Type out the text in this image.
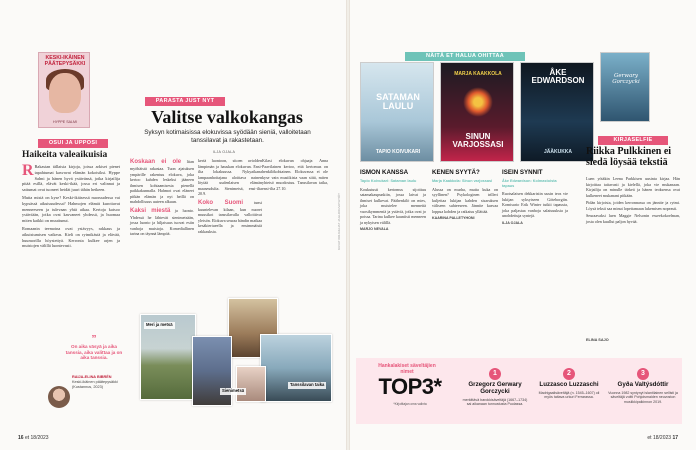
KESKI-IKÄINEN PÄÄTEPYSÄKKI
HYPPE SALMI
OSUI JA UPPOSI
Haikeita valeaikuisia

R Rakastan tällaisia kirjoja, joissa arkiset pienet tapahtumat kasvavat elämän kokoisiksi. Hyppe Salmi ja hänen hyvä ystävänsä, jotka kirjailija pitää esillä, elävät keski-ikää, jossa eri valinnat ja sattumat ovat tuoneet heidät juuri tähän hetkeen.

Mutta mistä on kyse? Keski-ikäisessä nuoruudessa vai kypsässä aikuisuudessa? Hahmojen elämät kurottavat menneeseen ja tulevaan yhtä aikaa. Kertoja katsoo ystäviään, jotka ovat kasvaneet yhdessä, ja huomaa miten kaikki on muuttunut.

Romaanin teemoina ovat ystävyys, rakkaus ja aikuistumisen vaikeus. Kieli on rytmikästä ja elävää, huumorilla höystettyä. Kerronta kulkee arjen ja muistojen välillä luontevasti.

”
On aika väsyä ja aika tanssia, aika valittaa ja on aika tanssia.
RAIJA-ELINA BIBRÉN
Keski-ikäinen päätepysäkki (Kustannus, 2023)
PARASTA JUST NYT
Valitse valkokangas
Syksyn kotimaisissa elokuvissa syödään sieniä, valloitetaan tanssilavat ja rakastetaan.
ILJA OJALA

Koskaan ei ole liian myöhäistä rakastaa. Tuon ajatuksen ympärille rakentuu elokuva, joka kertoo kahden leskeksi jääneen ihmisen kohtaamisesta pienellä paikkakunnalla. Hahmot ovat eläneet pitkän elämän ja nyt heillä on mahdollisuus uuteen alkuun.

Kaksi miestä ja luonto. Yhdessä he lähtevät sienimetsään, jossa luonto ja hiljaisuus tuovat esiin vanhoja muistoja. Komediallinen tarina on täynnä lämpöä.

kertä luontoon, sitoen aviolden lämpimän ja hauskan elokuvan. Ensi-ilta lokakuussa. Nykyaikana lampaanhoitajana aloittava nainen löytää uudenlaisen elämän maaseudulta. Sienimetsä, ensi-ilta 20.9.

Koko Suomi	tunsi kuuntelevan kilaan, kun nuoret muusikot tanssilavalla valloittivat yleisön. Elokuva seuraa bändin matkaa kesäkiertueella ja ensimmäisiä rakkauksia.

Kilasi elokuvan ohjaaja Anna Paavilainen kertoo, että kertomus on henkilökohtainen. Elokuvassa ei ole kyse vain musiikista vaan siitä, miten yhteisö muodostuu. Tanssilavan taika, ensi-ilta 27.10.

Meri ja metsä
Sienimetsä
Tanssilavan taika
KUVAT KIRJAILIJAT JA ELOKUVAYHTIÖT
16 et 18/2023
NÄITÄ ET HALUA OHITTAA
SATAMAN LAULU
TAPIO KOIVUKARI
MARJA KAAKKOLA
SINUN VARJOSSASI
ÅKE EDWARDSON
JÄÄKUKKA
Gerwary Gorczycki
ISMON KANSSA
Tapio Koivukari: Sataman laulu
Koukutusti kertomus sijoittuu satamakaupunkiin, jossa laivat ja ihmiset kulkevat. Päähenkilö on mies, joka muistelee menneitä vuosikymmeniä ja ystäviä, jotka ovat jo poissa. Tarina kulkee kauniisti menneen ja nykyisen välillä.
MARJO NEVALA
KENEN SYYTÄ?
Marja Kaakkola: Sinun varjossasi
Alussa on murha, mutta kuka on syyllinen? Psykologinen trilleri kuljettaa lukijan kahden sisaruksen väliseen suhteeseen. Jännite kasvaa loppua kohden ja ratkaisu yllättää.
KAARINA PALLETYHONI
ISEIN SYNNIT
Åke Edwardson: Kolmastoista tapaus
Ruotsalaisen dekkaristin uusin teos vie lukijan syksyiseen Göteborgiin. Komisario Erik Winter tutkii tapausta, joka paljastaa vanhoja salaisuuksia ja unohdettuja syntejä.
ILJA OJALA
KIRJASELFIE
Riikka Pulkkinen ei siedä löysää tekstiä

Luen yötäkin Leena Parkkisen uusinta kirjaa. Hän kirjoittaa taitavasti ja kielellä, joka vie mukanaan. Kirjailija on minulle tärkeä ja hänen teoksensa ovat kulkeneet mukanani pitkään.

Pidän kirjoista, joiden kerronnassa on jännite ja rytmi. Löysä teksti saa minut lopettamaan lukemisen nopeasti.

Seuraavaksi luen Maggie Nelsonin esseekokoelman, josta olen kuullut paljon hyvää.

ELINA SAJO
Hankalakiset säveltäjien nimet
TOP3*
*Kirjoittajan oma valinta
1
Grzegorz Gerwary Gorczycki
merkittävä barokkisäveltäjä (1667–1734) sai aikanaan tunnustusta Puolassa.
2
Luzzasco Luzzaschi
Madrigaalisäveltäjä (n. 1545–1607) oli myös taitava urkuri Ferrarassa.
3
Gyða Valtýsdóttir
Vuonna 1982 syntynyt islantilainen sellisti ja säveltäjä voitti Pohjoismaiden neuvoston musiikkipalkinnon 2019.
et 18/2023 17
